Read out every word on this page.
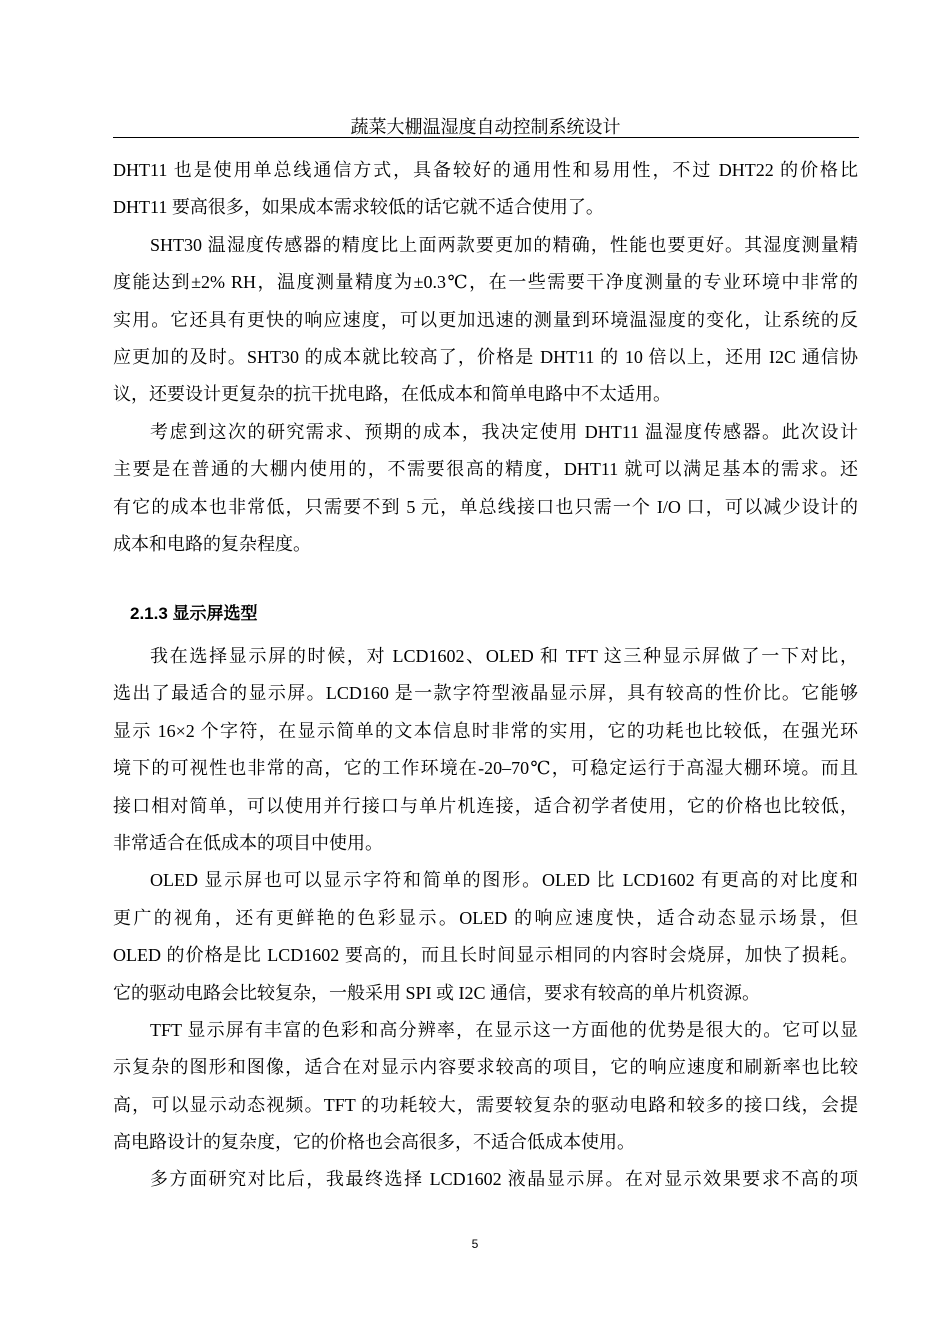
蔬菜大棚温湿度自动控制系统设计
DHT11 也是使用单总线通信方式，具备较好的通用性和易用性，不过 DHT22 的价格比
DHT11 要高很多，如果成本需求较低的话它就不适合使用了。
SHT30 温湿度传感器的精度比上面两款要更加的精确，性能也要更好。其湿度测量精
度能达到±2% RH，温度测量精度为±0.3℃，在一些需要干净度测量的专业环境中非常的
实用。它还具有更快的响应速度，可以更加迅速的测量到环境温湿度的变化，让系统的反
应更加的及时。SHT30 的成本就比较高了，价格是 DHT11 的 10 倍以上，还用 I2C 通信协
议，还要设计更复杂的抗干扰电路，在低成本和简单电路中不太适用。
考虑到这次的研究需求、预期的成本，我决定使用 DHT11 温湿度传感器。此次设计
主要是在普通的大棚内使用的，不需要很高的精度，DHT11 就可以满足基本的需求。还
有它的成本也非常低，只需要不到 5 元，单总线接口也只需一个 I/O 口，可以减少设计的
成本和电路的复杂程度。
2.1.3 显示屏选型
我在选择显示屏的时候，对 LCD1602、OLED 和 TFT 这三种显示屏做了一下对比，
选出了最适合的显示屏。LCD160 是一款字符型液晶显示屏，具有较高的性价比。它能够
显示 16×2 个字符，在显示简单的文本信息时非常的实用，它的功耗也比较低，在强光环
境下的可视性也非常的高，它的工作环境在-20–70℃，可稳定运行于高湿大棚环境。而且
接口相对简单，可以使用并行接口与单片机连接，适合初学者使用，它的价格也比较低，
非常适合在低成本的项目中使用。
OLED 显示屏也可以显示字符和简单的图形。OLED 比 LCD1602 有更高的对比度和
更广的视角，还有更鲜艳的色彩显示。OLED 的响应速度快，适合动态显示场景，但
OLED 的价格是比 LCD1602 要高的，而且长时间显示相同的内容时会烧屏，加快了损耗。
它的驱动电路会比较复杂，一般采用 SPI 或 I2C 通信，要求有较高的单片机资源。
TFT 显示屏有丰富的色彩和高分辨率，在显示这一方面他的优势是很大的。它可以显
示复杂的图形和图像，适合在对显示内容要求较高的项目，它的响应速度和刷新率也比较
高，可以显示动态视频。TFT 的功耗较大，需要较复杂的驱动电路和较多的接口线，会提
高电路设计的复杂度，它的价格也会高很多，不适合低成本使用。
多方面研究对比后，我最终选择 LCD1602 液晶显示屏。在对显示效果要求不高的项
5
